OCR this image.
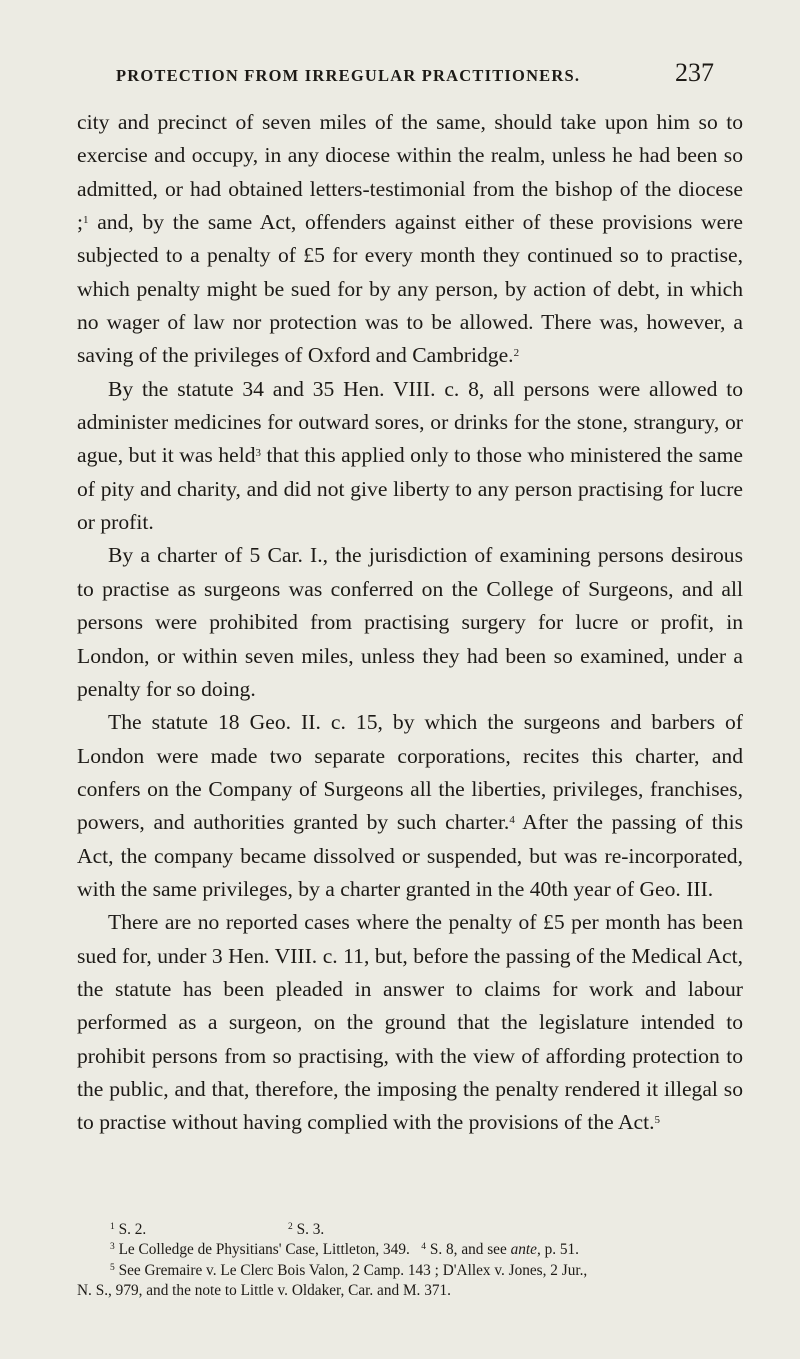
PROTECTION FROM IRREGULAR PRACTITIONERS.	237

city and precinct of seven miles of the same, should take upon him so to exercise and occupy, in any diocese within the realm, unless he had been so admitted, or had obtained letters-testimonial from the bishop of the diocese ;$^1$ and, by the same Act, offenders against either of these provisions were subjected to a penalty of £5 for every month they continued so to practise, which penalty might be sued for by any person, by action of debt, in which no wager of law nor protection was to be allowed. There was, however, a saving of the privileges of Oxford and Cambridge.$^2$

By the statute 34 and 35 Hen. VIII. c. 8, all persons were allowed to administer medicines for outward sores, or drinks for the stone, strangury, or ague, but it was held$^3$ that this applied only to those who ministered the same of pity and charity, and did not give liberty to any person practising for lucre or profit.

By a charter of 5 Car. I., the jurisdiction of examining persons desirous to practise as surgeons was conferred on the College of Surgeons, and all persons were prohibited from practising surgery for lucre or profit, in London, or within seven miles, unless they had been so examined, under a penalty for so doing.

The statute 18 Geo. II. c. 15, by which the surgeons and barbers of London were made two separate corporations, recites this charter, and confers on the Company of Surgeons all the liberties, privileges, franchises, powers, and authorities granted by such charter.$^4$ After the passing of this Act, the company became dissolved or suspended, but was re-incorporated, with the same privileges, by a charter granted in the 40th year of Geo. III.

There are no reported cases where the penalty of £5 per month has been sued for, under 3 Hen. VIII. c. 11, but, before the passing of the Medical Act, the statute has been pleaded in answer to claims for work and labour performed as a surgeon, on the ground that the legislature intended to prohibit persons from so practising, with the view of affording protection to the public, and that, therefore, the imposing the penalty rendered it illegal so to practise without having complied with the provisions of the Act.$^5$

$^1$ S. 2.	$^2$ S. 3.
$^3$ Le Colledge de Physitians' Case, Littleton, 349. $^4$ S. 8, and see ante, p. 51.
$^5$ See Gremaire v. Le Clerc Bois Valon, 2 Camp. 143 ; D'Allex v. Jones, 2 Jur.,
N. S., 979, and the note to Little v. Oldaker, Car. and M. 371.
